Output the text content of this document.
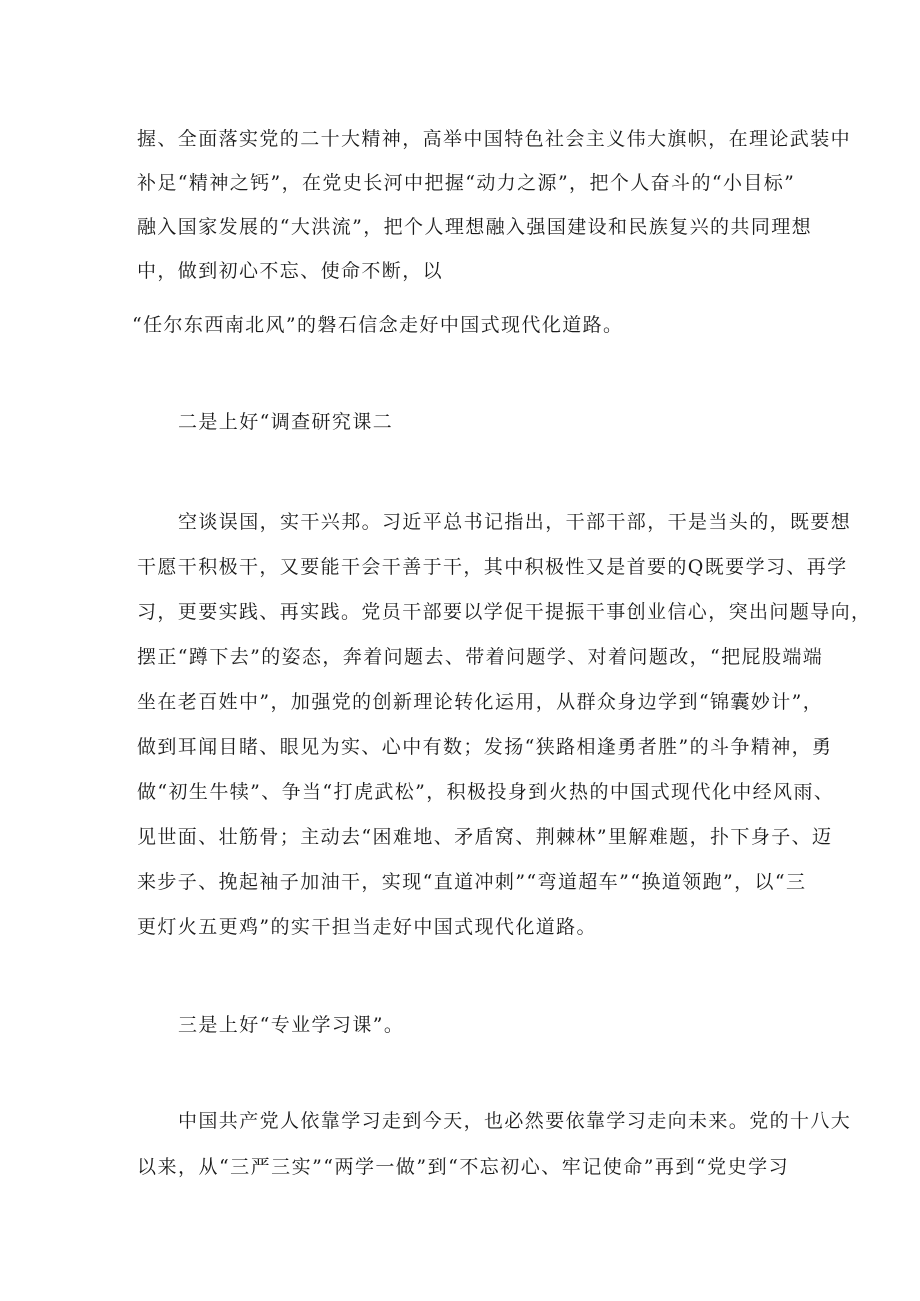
握、全面落实党的二十大精神，高举中国特色社会主义伟大旗帜，在理论武装中
补足“精神之钙”，在党史长河中把握“动力之源”，把个人奋斗的“小目标”
融入国家发展的“大洪流”，把个人理想融入强国建设和民族复兴的共同理想
中，做到初心不忘、使命不断，以
“任尔东西南北风”的磐石信念走好中国式现代化道路。
二是上好“调查研究课二
空谈误国，实干兴邦。习近平总书记指出，干部干部，干是当头的，既要想
干愿干积极干，又要能干会干善于干，其中积极性又是首要的Q既要学习、再学
习，更要实践、再实践。党员干部要以学促干提振干事创业信心，突出问题导向，
摆正“蹲下去”的姿态，奔着问题去、带着问题学、对着问题改，“把屁股端端
坐在老百姓中”，加强党的创新理论转化运用，从群众身边学到“锦囊妙计”，
做到耳闻目睹、眼见为实、心中有数；发扬“狭路相逢勇者胜”的斗争精神，勇
做“初生牛犊”、争当“打虎武松”，积极投身到火热的中国式现代化中经风雨、
见世面、壮筋骨；主动去“困难地、矛盾窝、荆棘林”里解难题，扑下身子、迈
来步子、挽起袖子加油干，实现“直道冲刺”“弯道超车”“换道领跑”，以“三
更灯火五更鸡”的实干担当走好中国式现代化道路。
三是上好“专业学习课”。
中国共产党人依靠学习走到今天，也必然要依靠学习走向未来。党的十八大
以来，从“三严三实”“两学一做”到“不忘初心、牢记使命”再到“党史学习
